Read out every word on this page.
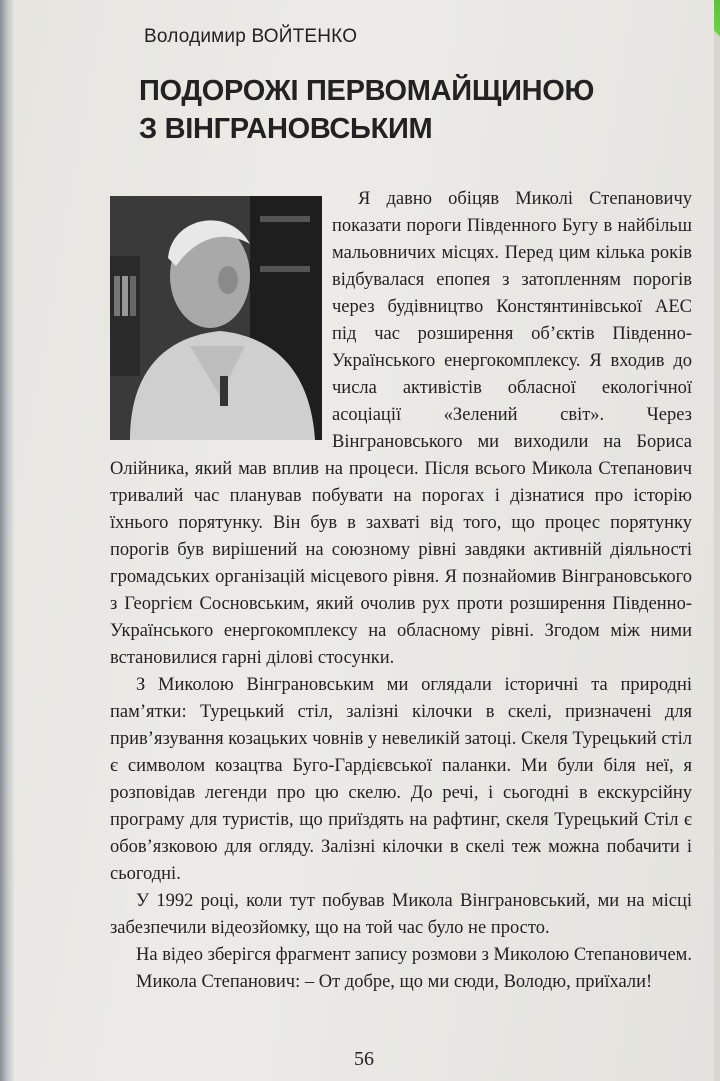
Володимир ВОЙТЕНКО
ПОДОРОЖІ ПЕРВОМАЙЩИНОЮ
З ВІНГРАНОВСЬКИМ

Я давно обіцяв Миколі Степановичу показати пороги Південного Бугу в найбільш мальовничих місцях. Перед цим кілька років відбувалася епопея з затопленням порогів через будівництво Констянтинівської АЕС під час розширення об’єктів Південно-Українського енергокомплексу. Я входив до числа активістів обласної екологічної асоціації «Зелений світ». Через Вінграновського ми виходили на Бориса Олійника, який мав вплив на процеси. Після всього Микола Степанович тривалий час планував побувати на порогах і дізнатися про історію їхнього порятунку. Він був в захваті від того, що процес порятунку порогів був вирішений на союзному рівні завдяки активній діяльності громадських організацій місцевого рівня. Я познайомив Вінграновського з Георгієм Сосновським, який очолив рух проти розширення Південно-Українського енергокомплексу на обласному рівні. Згодом між ними встановилися гарні ділові стосунки.

З Миколою Вінграновським ми оглядали історичні та природні пам’ятки: Турецький стіл, залізні кілочки в скелі, призначені для прив’язування козацьких човнів у невеликій затоці. Скеля Турецький стіл є символом козацтва Буго-Гардієвської паланки. Ми були біля неї, я розповідав легенди про цю скелю. До речі, і сьогодні в екскурсійну програму для туристів, що приїздять на рафтинг, скеля Турецький Стіл є обов’язковою для огляду. Залізні кілочки в скелі теж можна побачити і сьогодні.

У 1992 році, коли тут побував Микола Вінграновський, ми на місці забезпечили відеозйомку, що на той час було не просто.

На відео зберігся фрагмент запису розмови з Миколою Степановичем.

Микола Степанович: – От добре, що ми сюди, Володю, приїхали!

56
